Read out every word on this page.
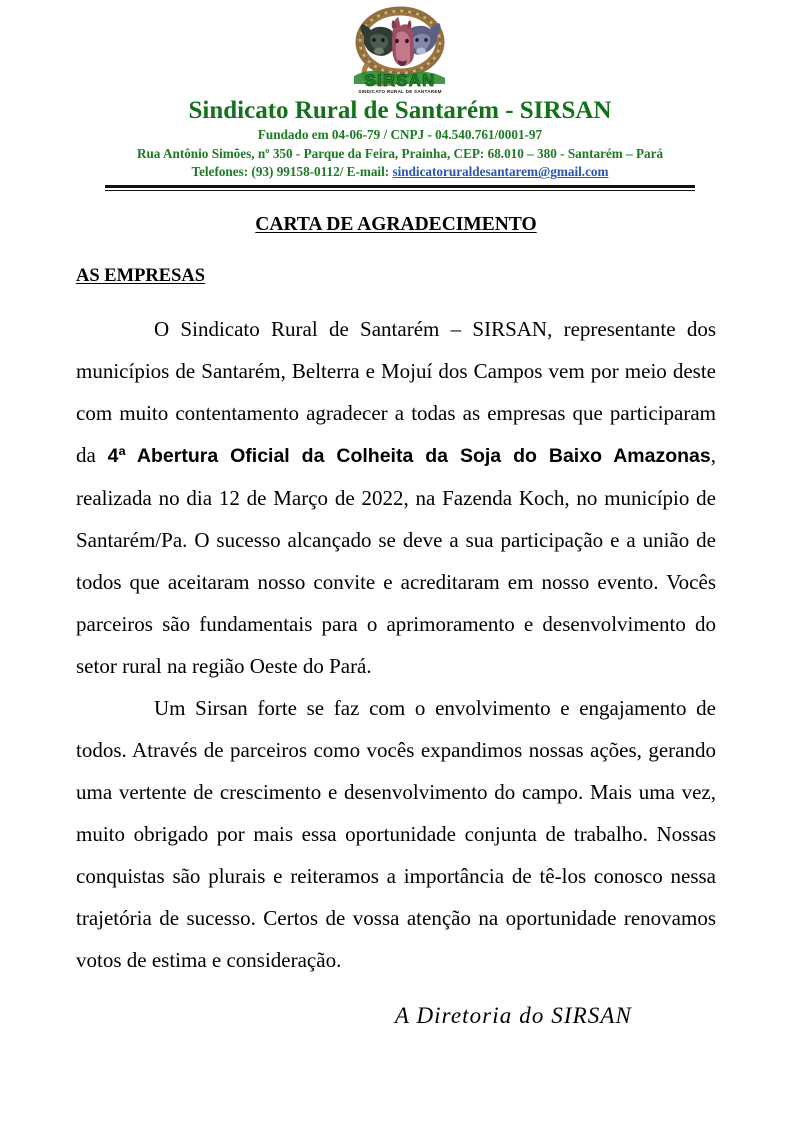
SIRSAN
SINDICATO RURAL DE SANTAREM
Sindicato Rural de Santarém - SIRSAN
Fundado em 04-06-79 / CNPJ - 04.540.761/0001-97
Rua Antônio Simões, nº 350 - Parque da Feira, Prainha, CEP: 68.010 – 380 - Santarém – Pará
Telefones: (93) 99158-0112/ E-mail: sindicatoruraldesantarem@gmail.com
CARTA DE AGRADECIMENTO
AS EMPRESAS

O Sindicato Rural de Santarém – SIRSAN, representante dos municípios de Santarém, Belterra e Mojuí dos Campos vem por meio deste com muito contentamento agradecer a todas as empresas que participaram da 4ª Abertura Oficial da Colheita da Soja do Baixo Amazonas, realizada no dia 12 de Março de 2022, na Fazenda Koch, no município de Santarém/Pa. O sucesso alcançado se deve a sua participação e a união de todos que aceitaram nosso convite e acreditaram em nosso evento. Vocês parceiros são fundamentais para o aprimoramento e desenvolvimento do setor rural na região Oeste do Pará.

Um Sirsan forte se faz com o envolvimento e engajamento de todos. Através de parceiros como vocês expandimos nossas ações, gerando uma vertente de crescimento e desenvolvimento do campo. Mais uma vez, muito obrigado por mais essa oportunidade conjunta de trabalho. Nossas conquistas são plurais e reiteramos a importância de tê-los conosco nessa trajetória de sucesso. Certos de vossa atenção na oportunidade renovamos votos de estima e consideração.

A Diretoria do SIRSAN
